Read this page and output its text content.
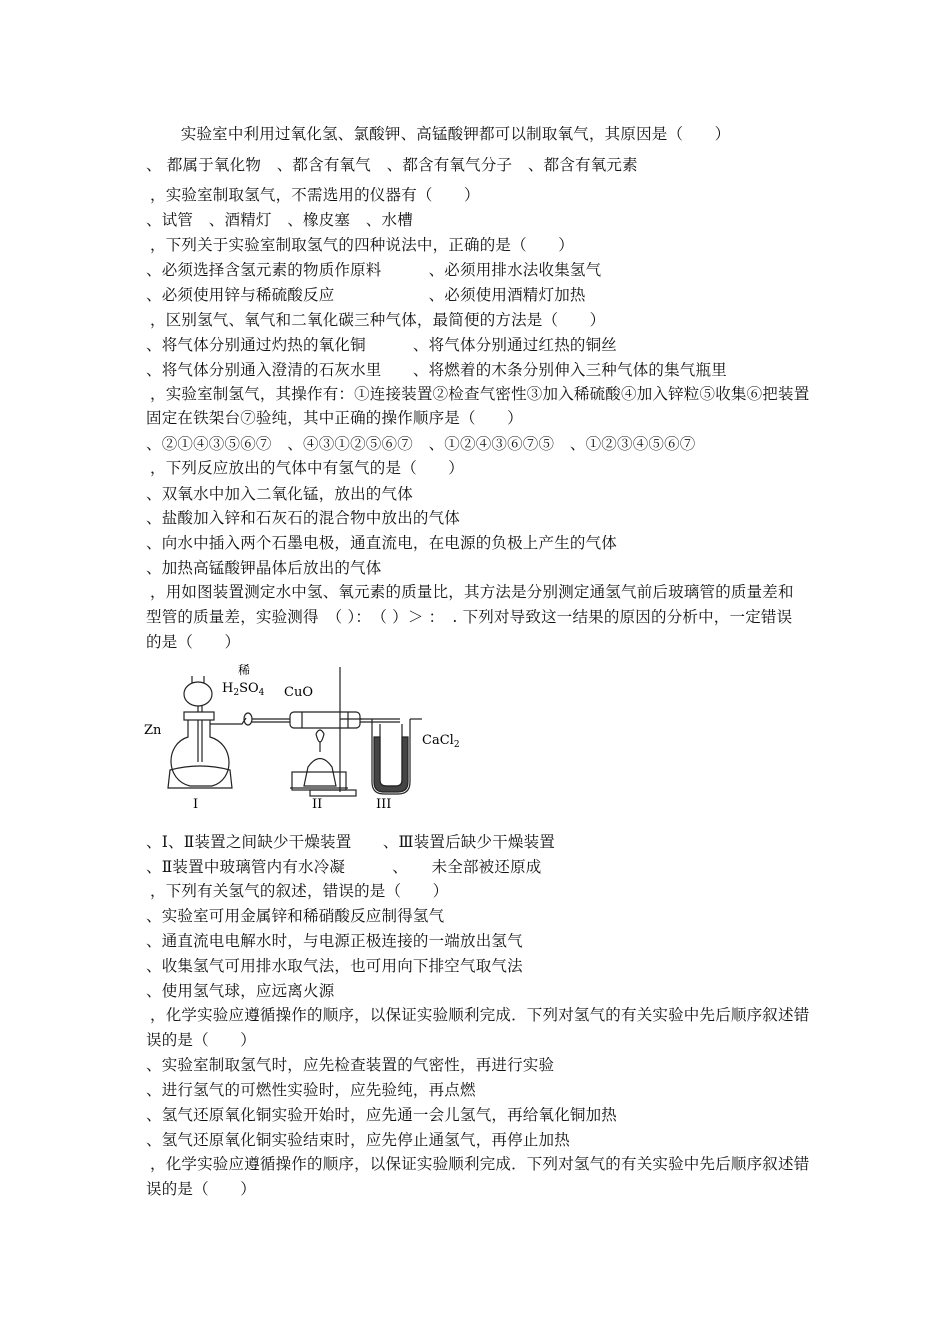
实验室中利用过氧化氢、氯酸钾、高锰酸钾都可以制取氧气，其原因是（　　）
、 都属于氧化物　、都含有氧气　、都含有氧气分子　、都含有氧元素
，实验室制取氢气，不需选用的仪器有（　　）
、试管　、酒精灯　、橡皮塞　、水槽
，下列关于实验室制取氢气的四种说法中，正确的是（　　）
、必须选择含氢元素的物质作原料　　　、必须用排水法收集氢气
、必须使用锌与稀硫酸反应　　　　　　、必须使用酒精灯加热
，区别氢气、氧气和二氧化碳三种气体，最简便的方法是（　　）
、将气体分别通过灼热的氧化铜　　　、将气体分别通过红热的铜丝
、将气体分别通入澄清的石灰水里　　、将燃着的木条分别伸入三种气体的集气瓶里
，实验室制氢气，其操作有：①连接装置②检查气密性③加入稀硫酸④加入锌粒⑤收集⑥把装置
固定在铁架台⑦验纯，其中正确的操作顺序是（　　）
、②①④③⑤⑥⑦　、④③①②⑤⑥⑦　、①②④③⑥⑦⑤　、①②③④⑤⑥⑦
，下列反应放出的气体中有氢气的是（　　）
、双氧水中加入二氧化锰，放出的气体
、盐酸加入锌和石灰石的混合物中放出的气体
、向水中插入两个石墨电极，通直流电，在电源的负极上产生的气体
、加热高锰酸钾晶体后放出的气体
，用如图装置测定水中氢、氧元素的质量比，其方法是分别测定通氢气前后玻璃管的质量差和
型管的质量差，实验测得　（ ）：　（ ）＞ ：　. 下列对导致这一结果的原因的分析中，一定错误
的是（　　）
、Ⅰ、Ⅱ装置之间缺少干燥装置　　、Ⅲ装置后缺少干燥装置
、Ⅱ装置中玻璃管内有水冷凝　　　、　　未全部被还原成
，下列有关氢气的叙述，错误的是（　　）
、实验室可用金属锌和稀硝酸反应制得氢气
、通直流电电解水时，与电源正极连接的一端放出氢气
、收集氢气可用排水取气法，也可用向下排空气取气法
、使用氢气球，应远离火源
，化学实验应遵循操作的顺序，以保证实验顺利完成．下列对氢气的有关实验中先后顺序叙述错
误的是（　　）
、实验室制取氢气时，应先检查装置的气密性，再进行实验
、进行氢气的可燃性实验时，应先验纯，再点燃
、氢气还原氧化铜实验开始时，应先通一会儿氢气，再给氧化铜加热
、氢气还原氧化铜实验结束时，应先停止通氢气，再停止加热
，化学实验应遵循操作的顺序，以保证实验顺利完成．下列对氢气的有关实验中先后顺序叙述错
误的是（　　）
稀
$H_2SO_4$
Zn
CuO
CaCl$_2$
I	II	III
